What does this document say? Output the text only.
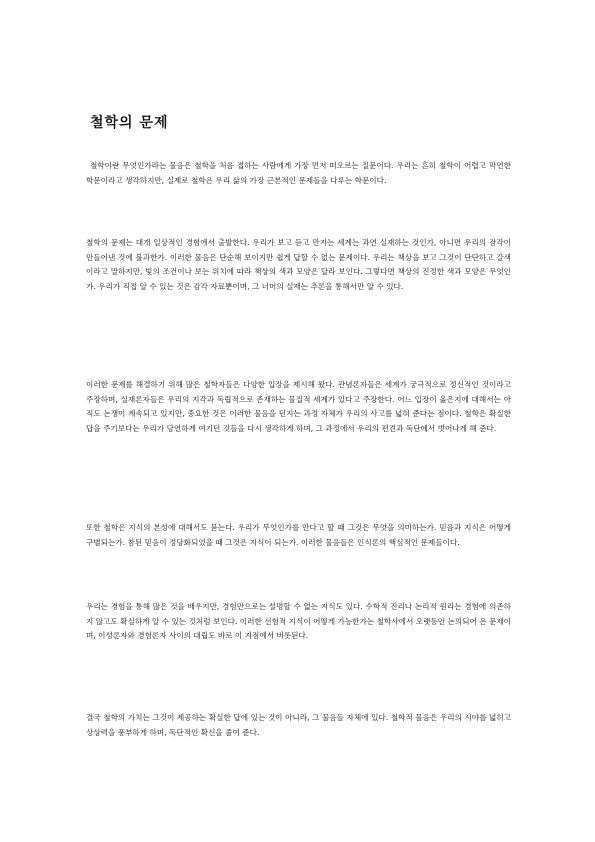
철학의 문제

철학이란 무엇인가라는 물음은 철학을 처음 접하는 사람에게 가장 먼저 떠오르는 질문이다. 우리는 흔히 철학이 어렵고 막연한 학문이라고 생각하지만, 실제로 철학은 우리 삶의 가장 근본적인 문제들을 다루는 학문이다.

철학의 문제는 대개 일상적인 경험에서 출발한다. 우리가 보고 듣고 만지는 세계는 과연 실재하는 것인가, 아니면 우리의 감각이 만들어낸 것에 불과한가. 이러한 물음은 단순해 보이지만 쉽게 답할 수 없는 문제이다. 우리는 책상을 보고 그것이 단단하고 갈색이라고 말하지만, 빛의 조건이나 보는 위치에 따라 책상의 색과 모양은 달라 보인다. 그렇다면 책상의 진정한 색과 모양은 무엇인가. 우리가 직접 알 수 있는 것은 감각 자료뿐이며, 그 너머의 실재는 추론을 통해서만 알 수 있다.

이러한 문제를 해결하기 위해 많은 철학자들은 다양한 입장을 제시해 왔다. 관념론자들은 세계가 궁극적으로 정신적인 것이라고 주장하며, 실재론자들은 우리의 지각과 독립적으로 존재하는 물질적 세계가 있다고 주장한다. 어느 입장이 옳은지에 대해서는 아직도 논쟁이 계속되고 있지만, 중요한 것은 이러한 물음을 던지는 과정 자체가 우리의 사고를 넓혀 준다는 점이다. 철학은 확실한 답을 주기보다는 우리가 당연하게 여기던 것들을 다시 생각하게 하며, 그 과정에서 우리의 편견과 독단에서 벗어나게 해 준다.

또한 철학은 지식의 본성에 대해서도 묻는다. 우리가 무엇인가를 안다고 할 때 그것은 무엇을 의미하는가. 믿음과 지식은 어떻게 구별되는가. 참된 믿음이 정당화되었을 때 그것은 지식이 되는가. 이러한 물음들은 인식론의 핵심적인 문제들이다.

우리는 경험을 통해 많은 것을 배우지만, 경험만으로는 설명할 수 없는 지식도 있다. 수학적 진리나 논리적 원리는 경험에 의존하지 않고도 확실하게 알 수 있는 것처럼 보인다. 이러한 선험적 지식이 어떻게 가능한가는 철학사에서 오랫동안 논의되어 온 문제이며, 이성론자와 경험론자 사이의 대립도 바로 이 지점에서 비롯된다.

결국 철학의 가치는 그것이 제공하는 확실한 답에 있는 것이 아니라, 그 물음들 자체에 있다. 철학적 물음은 우리의 시야를 넓히고 상상력을 풍부하게 하며, 독단적인 확신을 줄여 준다.
